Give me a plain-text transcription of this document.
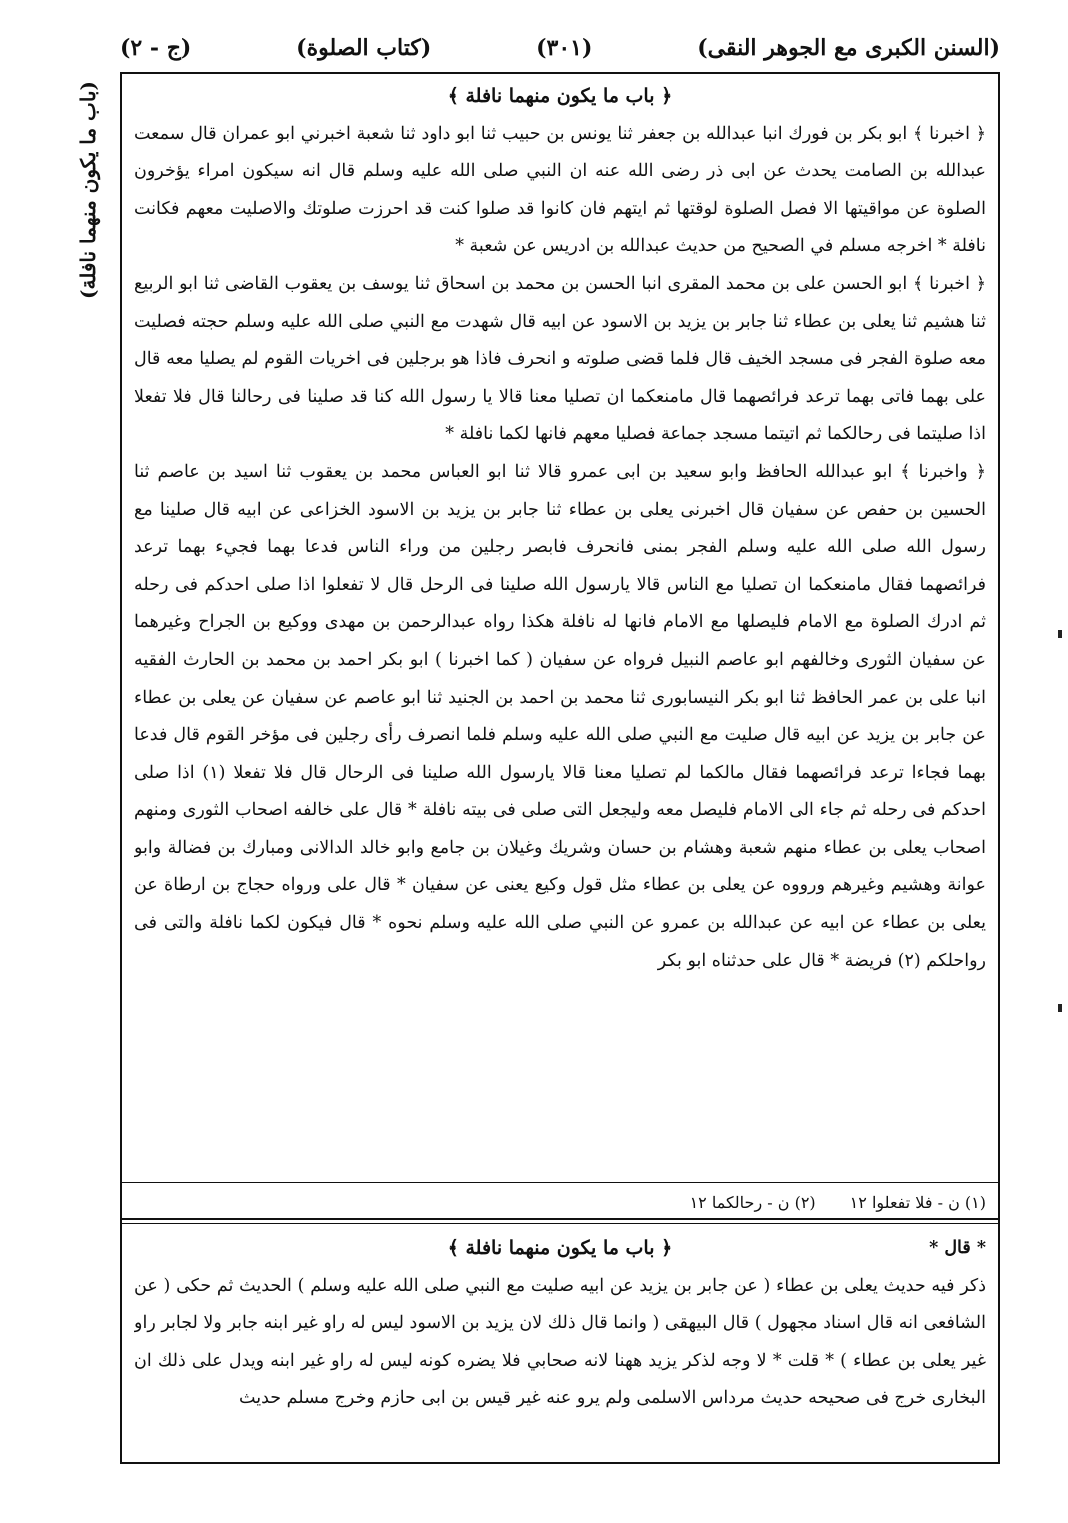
(السنن الكبرى مع الجوهر النقى)
(٣٠١)
(كتاب الصلوة)
(ج - ٢)
(باب ما يكون منهما نافلة)	﴿ باب ما يكون منهما نافلة ﴾

﴿ اخبرنا ﴾ ابو بكر بن فورك انبا عبدالله بن جعفر ثنا يونس بن حبيب ثنا ابو داود ثنا شعبة اخبرني ابو عمران قال سمعت عبدالله بن الصامت يحدث عن ابى ذر رضى الله عنه ان النبي صلى الله عليه وسلم قال انه سيكون امراء يؤخرون الصلوة عن مواقيتها الا فصل الصلوة لوقتها ثم ايتهم فان كانوا قد صلوا كنت قد احرزت صلوتك والاصليت معهم فكانت نافلة * اخرجه مسلم في الصحيح من حديث عبدالله بن ادريس عن شعبة *

﴿ اخبرنا ﴾ ابو الحسن على بن محمد المقرى انبا الحسن بن محمد بن اسحاق ثنا يوسف بن يعقوب القاضى ثنا ابو الربيع ثنا هشيم ثنا يعلى بن عطاء ثنا جابر بن يزيد بن الاسود عن ابيه قال شهدت مع النبي صلى الله عليه وسلم حجته فصليت معه صلوة الفجر فى مسجد الخيف قال فلما قضى صلوته و انحرف فاذا هو برجلين فى اخريات القوم لم يصليا معه قال على بهما فاتى بهما ترعد فرائصهما قال مامنعكما ان تصليا معنا قالا يا رسول الله كنا قد صلينا فى رحالنا قال فلا تفعلا اذا صليتما فى رحالكما ثم اتيتما مسجد جماعة فصليا معهم فانها لكما نافلة *

﴿ واخبرنا ﴾ ابو عبدالله الحافظ وابو سعيد بن ابى عمرو قالا ثنا ابو العباس محمد بن يعقوب ثنا اسيد بن عاصم ثنا الحسين بن حفص عن سفيان قال اخبرنى يعلى بن عطاء ثنا جابر بن يزيد بن الاسود الخزاعى عن ابيه قال صلينا مع رسول الله صلى الله عليه وسلم الفجر بمنى فانحرف فابصر رجلين من وراء الناس فدعا بهما فجيء بهما ترعد فرائصهما فقال مامنعكما ان تصليا مع الناس قالا يارسول الله صلينا فى الرحل قال لا تفعلوا اذا صلى احدكم فى رحله ثم ادرك الصلوة مع الامام فليصلها مع الامام فانها له نافلة هكذا رواه عبدالرحمن بن مهدى ووكيع بن الجراح وغيرهما عن سفيان الثورى وخالفهم ابو عاصم النبيل فرواه عن سفيان ( كما اخبرنا ) ابو بكر احمد بن محمد بن الحارث الفقيه انبا على بن عمر الحافظ ثنا ابو بكر النيسابورى ثنا محمد بن احمد بن الجنيد ثنا ابو عاصم عن سفيان عن يعلى بن عطاء عن جابر بن يزيد عن ابيه قال صليت مع النبي صلى الله عليه وسلم فلما انصرف رأى رجلين فى مؤخر القوم قال فدعا بهما فجاءا ترعد فرائصهما فقال مالكما لم تصليا معنا قالا يارسول الله صلينا فى الرحال قال فلا تفعلا (١) اذا صلى احدكم فى رحله ثم جاء الى الامام فليصل معه وليجعل التى صلى فى بيته نافلة * قال على خالفه اصحاب الثورى ومنهم اصحاب يعلى بن عطاء منهم شعبة وهشام بن حسان وشريك وغيلان بن جامع وابو خالد الدالانى ومبارك بن فضالة وابو عوانة وهشيم وغيرهم ورووه عن يعلى بن عطاء مثل قول وكيع يعنى عن سفيان * قال على ورواه حجاج بن ارطاة عن يعلى بن عطاء عن ابيه عن عبدالله بن عمرو عن النبي صلى الله عليه وسلم نحوه * قال فيكون لكما نافلة والتى فى رواحلكم (٢) فريضة * قال على حدثناه ابو بكر

(١) ن - فلا تفعلوا ١٢
(٢) ن - رحالكما ١٢
* قال *
﴿ باب ما يكون منهما نافلة ﴾

ذكر فيه حديث يعلى بن عطاء ( عن جابر بن يزيد عن ابيه صليت مع النبي صلى الله عليه وسلم ) الحديث ثم حكى ( عن الشافعى انه قال اسناد مجهول ) قال البيهقى ( وانما قال ذلك لان يزيد بن الاسود ليس له راو غير ابنه جابر ولا لجابر راو غير يعلى بن عطاء ) * قلت * لا وجه لذكر يزيد ههنا لانه صحابي فلا يضره كونه ليس له راو غير ابنه ويدل على ذلك ان البخارى خرج فى صحيحه حديث مرداس الاسلمى ولم يرو عنه غير قيس بن ابى حازم وخرج مسلم حديث
